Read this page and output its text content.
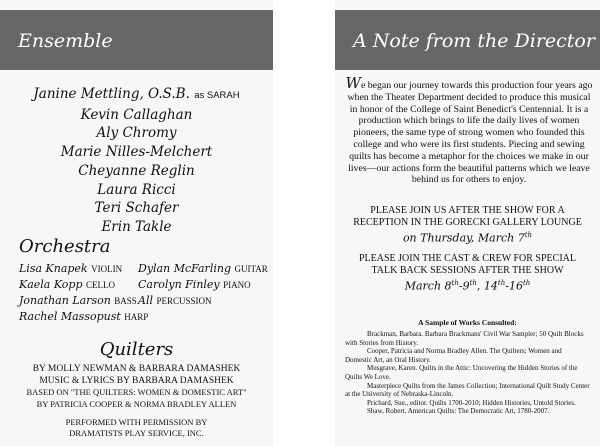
Ensemble
Janine Mettling, O.S.B. as SARAH
Kevin Callaghan
Aly Chromy
Marie Nilles-Melchert
Cheyanne Reglin
Laura Ricci
Teri Schafer
Erin Takle
Orchestra
Lisa Knapek VIOLIN
Kaela Kopp CELLO
Jonathan Larson BASS
Rachel Massopust HARP
Dylan McFarling GUITAR
Carolyn Finley PIANO
All PERCUSSION
Quilters
BY MOLLY NEWMAN & BARBARA DAMASHEK
MUSIC & LYRICS BY BARBARA DAMASHEK
BASED ON "THE QUILTERS: WOMEN & DOMESTIC ART"
BY PATRICIA COOPER & NORMA BRADLEY ALLEN
PERFORMED WITH PERMISSION BY
DRAMATISTS PLAY SERVICE, INC.
A Note from the Director
We began our journey towards this production four years ago when the Theater Department decided to produce this musical in honor of the College of Saint Benedict's Centennial. It is a production which brings to life the daily lives of women pioneers, the same type of strong women who founded this college and who were its first students. Piecing and sewing quilts has become a metaphor for the choices we make in our lives—our actions form the beautiful patterns which we leave behind us for others to enjoy.
PLEASE JOIN US AFTER THE SHOW FOR A
RECEPTION IN THE GORECKI GALLERY LOUNGE
on Thursday, March 7th
PLEASE JOIN THE CAST & CREW FOR SPECIAL
TALK BACK SESSIONS AFTER THE SHOW
March 8th-9th, 14th-16th
A Sample of Works Consulted:

Brackman, Barbara. Barbara Brackmans' Civil War Sampler; 50 Quilt Blocks with Stories from History.

Cooper, Patricia and Norma Bradley Allen. The Quilters; Women and Domestic Art, an Oral History.

Musgrave, Karen. Quilts in the Attic: Uncovering the Hidden Stories of the Quilts We Love.

Masterpiece Quilts from the James Collection; International Quilt Study Center at the University of Nebraska-Lincoln.

Prichard, Sue., editor. Quilts 1700-2010; Hidden Histories, Untold Stories.

Shaw, Robert. American Quilts: The Democratic Art, 1780-2007.
